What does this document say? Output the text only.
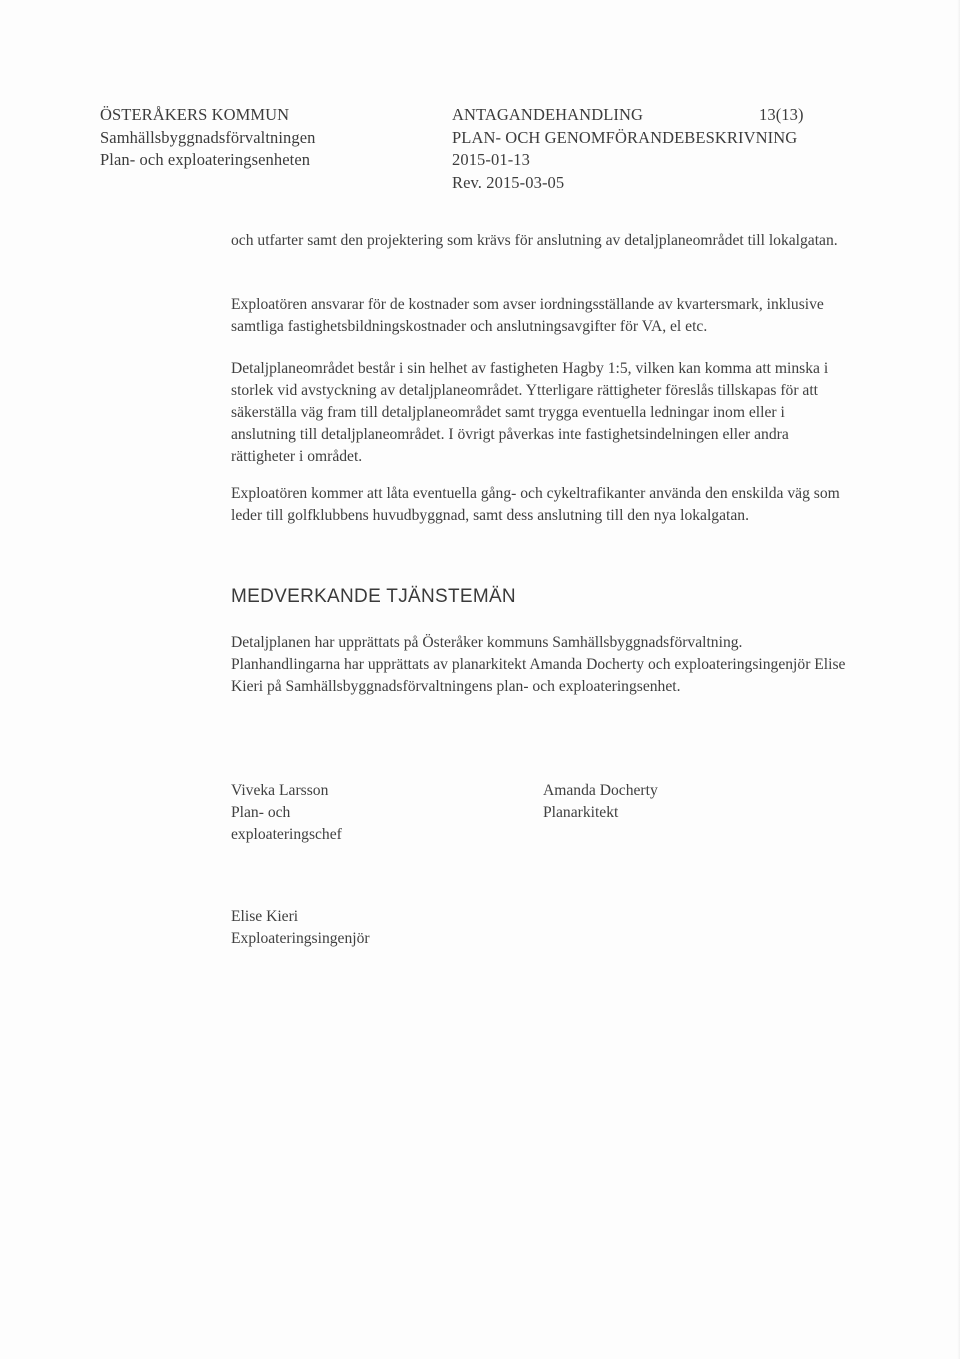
ÖSTERÅKERS KOMMUN
Samhällsbyggnadsförvaltningen
Plan- och exploateringsenheten
ANTAGANDEHANDLING	13(13)
PLAN- OCH GENOMFÖRANDEBESKRIVNING
2015-01-13
Rev. 2015-03-05

och utfarter samt den projektering som krävs för anslutning av detaljplaneområdet till lokalgatan.

Exploatören ansvarar för de kostnader som avser iordningsställande av kvartersmark, inklusive samtliga fastighetsbildningskostnader och anslutningsavgifter för VA, el etc.

Detaljplaneområdet består i sin helhet av fastigheten Hagby 1:5, vilken kan komma att minska i storlek vid avstyckning av detaljplaneområdet. Ytterligare rättigheter föreslås tillskapas för att säkerställa väg fram till detaljplaneområdet samt trygga eventuella ledningar inom eller i anslutning till detaljplaneområdet. I övrigt påverkas inte fastighetsindelningen eller andra rättigheter i området.

Exploatören kommer att låta eventuella gång- och cykeltrafikanter använda den enskilda väg som leder till golfklubbens huvudbyggnad, samt dess anslutning till den nya lokalgatan.

MEDVERKANDE TJÄNSTEMÄN

Detaljplanen har upprättats på Österåker kommuns Samhällsbyggnadsförvaltning. Planhandlingarna har upprättats av planarkitekt Amanda Docherty och exploateringsingenjör Elise Kieri på Samhällsbyggnadsförvaltningens plan- och exploateringsenhet.

Viveka Larsson
Plan- och
exploateringschef
Amanda Docherty
Planarkitekt
Elise Kieri
Exploateringsingenjör
